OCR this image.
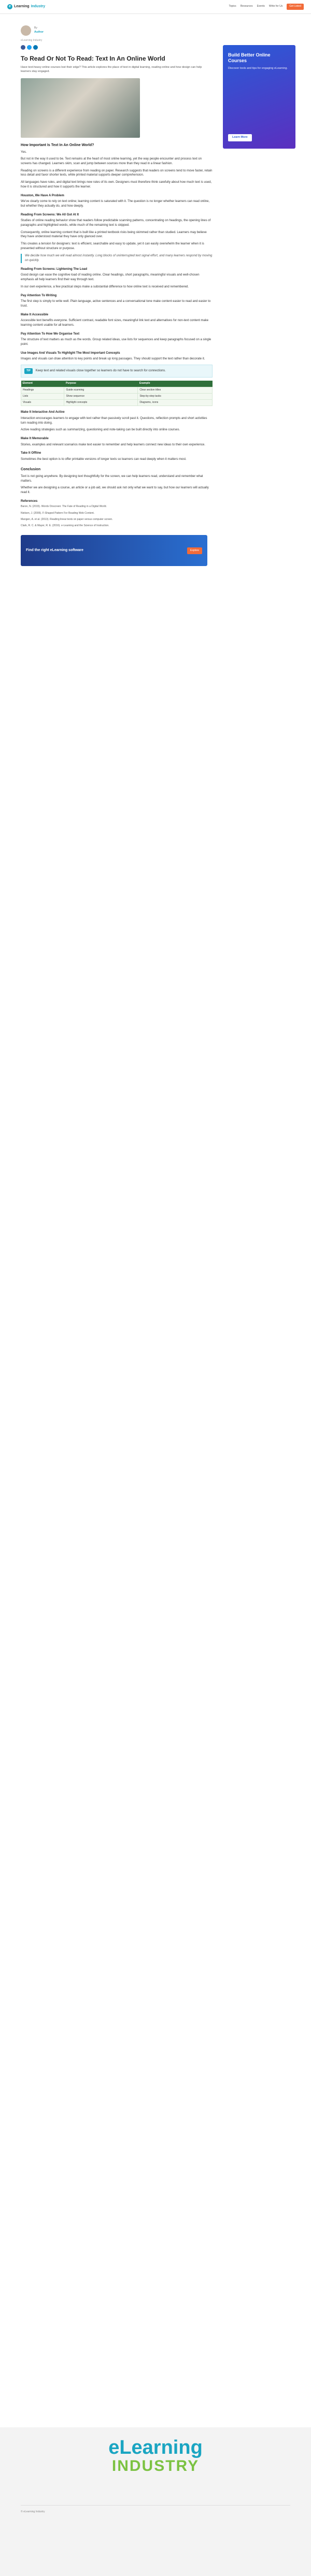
e Learning Industry	Topics Resources Events Write for Us	Get Listed
By
Author
eLearning Industry
To Read Or Not To Read: Text In An Online World

Have text-heavy online courses lost their edge? This article explores the place of text in digital learning, reading online and how design can help learners stay engaged.

How Important Is Text In An Online World?

Yes.

But not in the way it used to be. Text remains at the heart of most online learning, yet the way people encounter and process text on screens has changed. Learners skim, scan and jump between sources more than they read in a linear fashion.

Reading on screens is a different experience from reading on paper. Research suggests that readers on screens tend to move faster, retain less detail and favor shorter texts, while printed material supports deeper comprehension.

All languages have rules, and digital text brings new rules of its own. Designers must therefore think carefully about how much text is used, how it is structured and how it supports the learner.

Houston, We Have A Problem

We've clearly come to rely on text online; learning content is saturated with it. The question is no longer whether learners can read online, but whether they actually do, and how deeply.

Reading From Screens: We All Got At It

Studies of online reading behavior show that readers follow predictable scanning patterns, concentrating on headings, the opening lines of paragraphs and highlighted words, while much of the remaining text is skipped.

Consequently, online learning content that is built like a printed textbook risks being skimmed rather than studied. Learners may believe they have understood material they have only glanced over.

This creates a tension for designers: text is efficient, searchable and easy to update, yet it can easily overwhelm the learner when it is presented without structure or purpose.

We decide how much we will read almost instantly. Long blocks of uninterrupted text signal effort, and many learners respond by moving on quickly.

Reading From Screens: Lightening The Load

Good design can ease the cognitive load of reading online. Clear headings, short paragraphs, meaningful visuals and well-chosen emphasis all help learners find their way through text.

In our own experience, a few practical steps make a substantial difference to how online text is received and remembered.

Pay Attention To Writing

The first step is simply to write well. Plain language, active sentences and a conversational tone make content easier to read and easier to trust.

Make It Accessible

Accessible text benefits everyone. Sufficient contrast, readable font sizes, meaningful link text and alternatives for non-text content make learning content usable for all learners.

Pay Attention To How We Organise Text

The structure of text matters as much as the words. Group related ideas, use lists for sequences and keep paragraphs focused on a single point.

Use Images And Visuals To Highlight The Most Important Concepts

Images and visuals can draw attention to key points and break up long passages. They should support the text rather than decorate it.

TIP	Keep text and related visuals close together so learners do not have to search for connections.
Element	Purpose	Example
Headings	Guide scanning	Clear section titles
Lists	Show sequence	Step-by-step tasks
Visuals	Highlight concepts	Diagrams, icons
Make It Interactive And Active

Interaction encourages learners to engage with text rather than passively scroll past it. Questions, reflection prompts and short activities turn reading into doing.

Active reading strategies such as summarizing, questioning and note-taking can be built directly into online courses.

Make It Memorable

Stories, examples and relevant scenarios make text easier to remember and help learners connect new ideas to their own experience.

Take It Offline

Sometimes the best option is to offer printable versions of longer texts so learners can read deeply when it matters most.

Conclusion

Text is not going anywhere. By designing text thoughtfully for the screen, we can help learners read, understand and remember what matters.

Whether we are designing a course, an article or a job aid, we should ask not only what we want to say, but how our learners will actually read it.

References

Baron, N. (2015). Words Onscreen: The Fate of Reading in a Digital World.

Nielsen, J. (2006). F-Shaped Pattern For Reading Web Content.

Mangen, A. et al. (2013). Reading linear texts on paper versus computer screen.

Clark, R. C. & Mayer, R. E. (2016). e-Learning and the Science of Instruction.

Find the right eLearning software	Explore
Build Better Online Courses
Discover tools and tips for engaging eLearning.
Learn More
eLearning
INDUSTRY
© eLearning Industry
